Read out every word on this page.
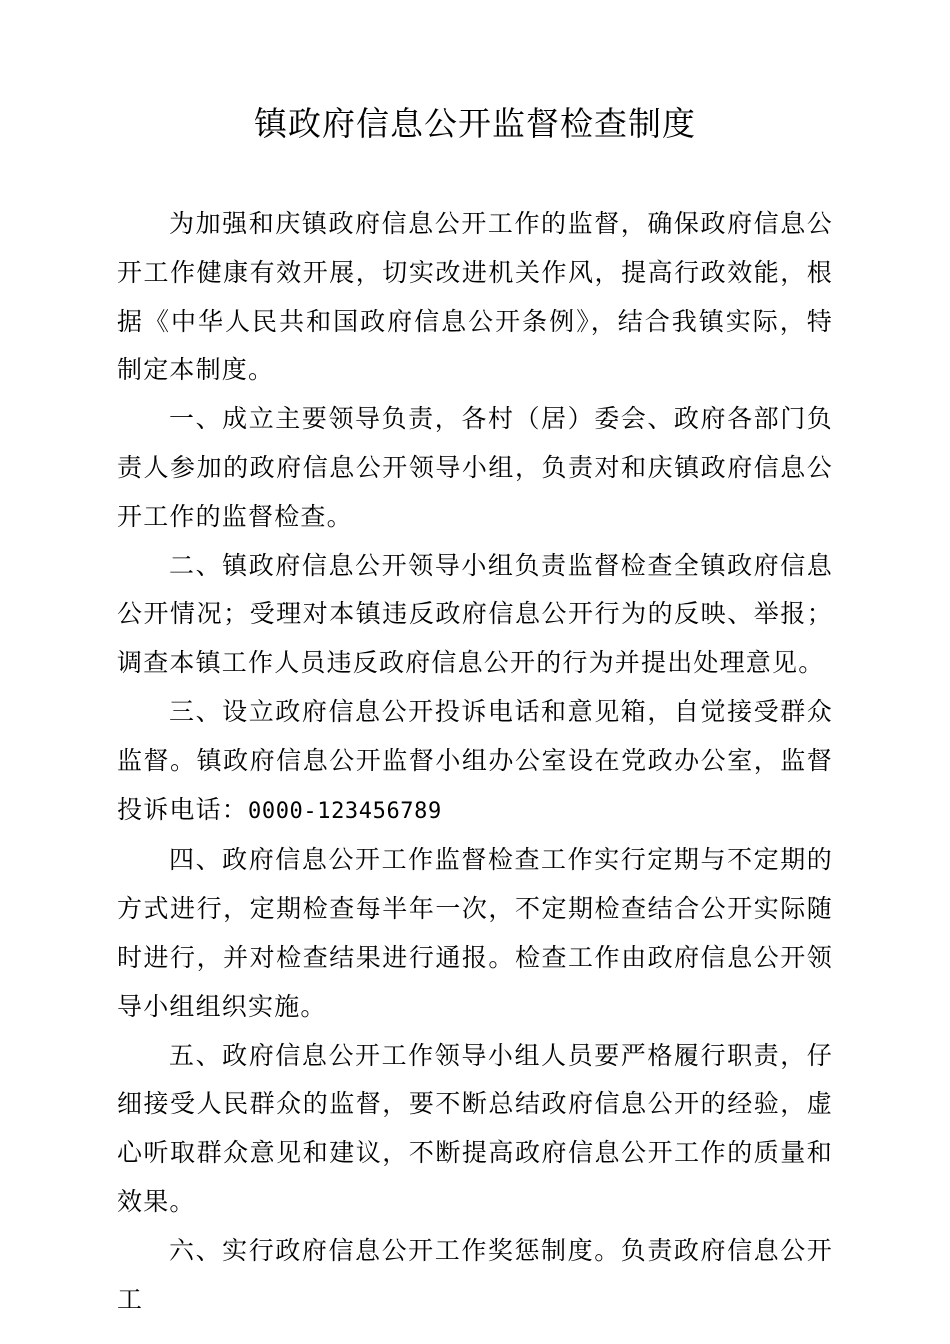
镇政府信息公开监督检查制度

为加强和庆镇政府信息公开工作的监督，确保政府信息公开工作健康有效开展，切实改进机关作风，提高行政效能，根据《中华人民共和国政府信息公开条例》，结合我镇实际，特制定本制度。

一、成立主要领导负责，各村（居）委会、政府各部门负责人参加的政府信息公开领导小组，负责对和庆镇政府信息公开工作的监督检查。

二、镇政府信息公开领导小组负责监督检查全镇政府信息公开情况；受理对本镇违反政府信息公开行为的反映、举报；调查本镇工作人员违反政府信息公开的行为并提出处理意见。

三、设立政府信息公开投诉电话和意见箱，自觉接受群众监督。镇政府信息公开监督小组办公室设在党政办公室，监督投诉电话：0000-123456789

四、政府信息公开工作监督检查工作实行定期与不定期的方式进行，定期检查每半年一次，不定期检查结合公开实际随时进行，并对检查结果进行通报。检查工作由政府信息公开领导小组组织实施。

五、政府信息公开工作领导小组人员要严格履行职责，仔细接受人民群众的监督，要不断总结政府信息公开的经验，虚心听取群众意见和建议，不断提高政府信息公开工作的质量和效果。

六、实行政府信息公开工作奖惩制度。负责政府信息公开工
